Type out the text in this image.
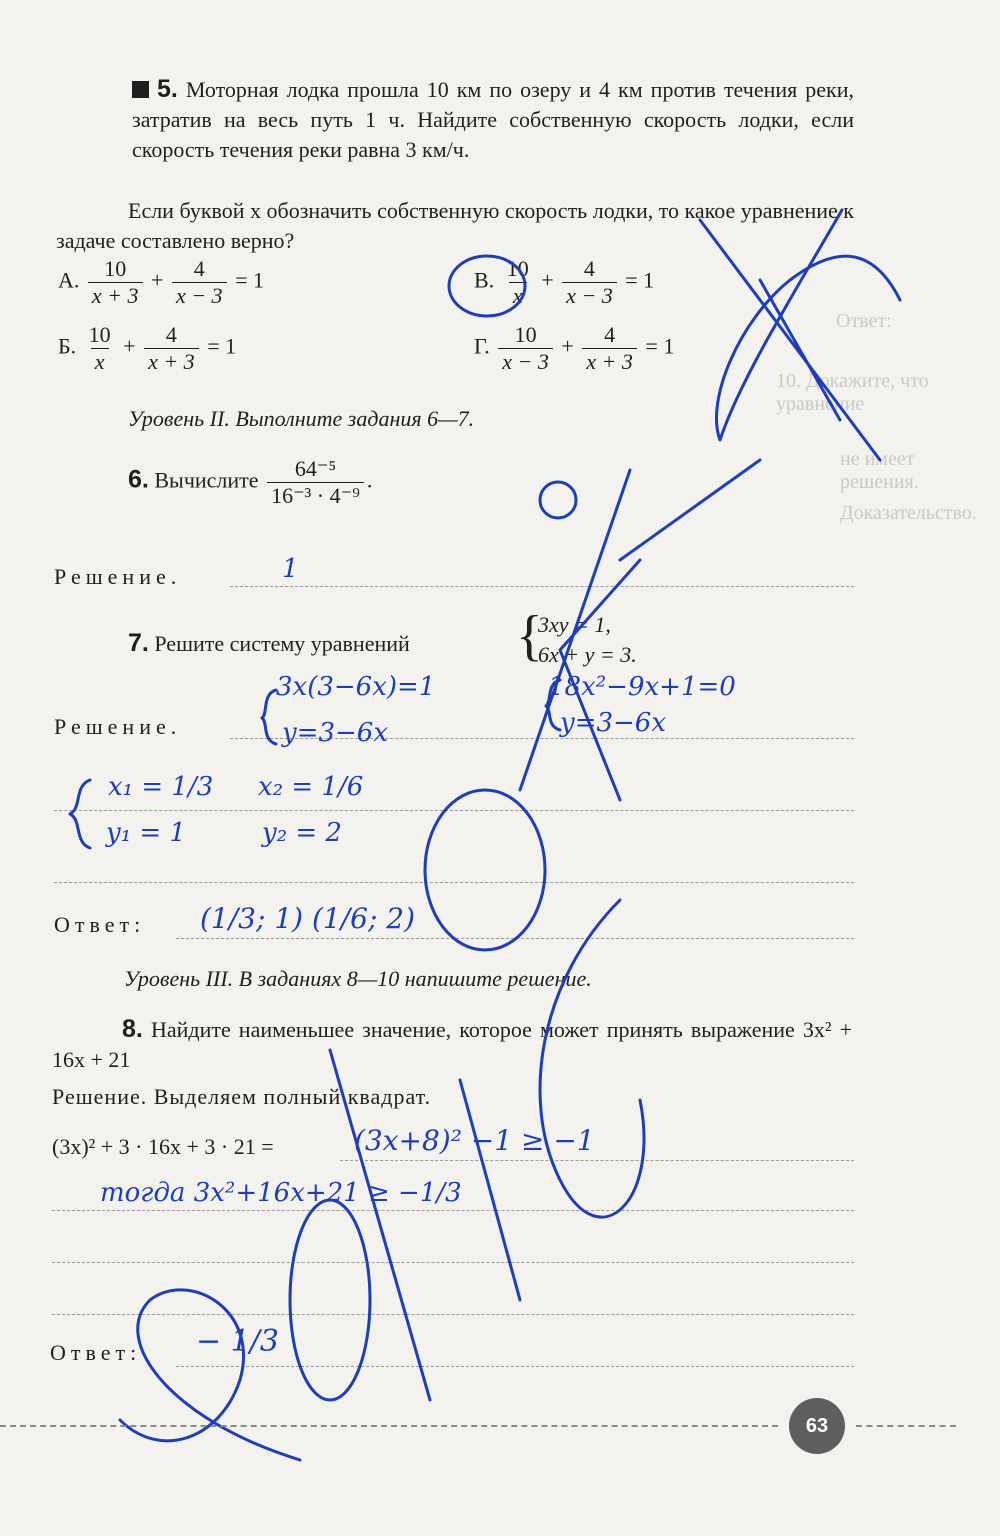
Ответ:
10. Докажите, что уравнение
не имеет решения.
Доказательство.
5. Моторная лодка прошла 10 км по озеру и 4 км против течения реки, затратив на весь путь 1 ч. Найдите собственную скорость лодки, если скорость течения реки равна 3 км/ч.
Если буквой x обозначить собственную скорость лодки, то какое уравнение к задаче составлено верно?
А. $\frac{10}{x + 3} + \frac{4}{x - 3} = 1$	В. $\frac{10}{x} + \frac{4}{x - 3} = 1$
Б. $\frac{10}{x} + \frac{4}{x + 3} = 1$	Г. $\frac{10}{x - 3} + \frac{4}{x + 3} = 1$
Уровень II. Выполните задания 6—7.
6. Вычислите $\frac{\text{64⁻⁵}}{\text{16⁻³ · 4⁻⁹}}$ .
Решение.
7. Решите систему уравнений {
3xy = 1,
6x + y = 3.
Решение.
Ответ:
Уровень III. В заданиях 8—10 напишите решение.
8. Найдите наименьшее значение, которое может принять выражение 3x² + 16x + 21
Решение. Выделяем полный квадрат.
(3x)² + 3 · 16x + 3 · 21 =
Ответ:
1
3x(3−6x)=1
y=3−6x
18x²−9x+1=0
y=3−6x
x₁ = 1/3
y₁ = 1
x₂ = 1/6
y₂ = 2
(1/3; 1) (1/6; 2)
(3x+8)² −1 ≥ −1
тогда 3x²+16x+21 ≥ −1/3
− 1/3
63
